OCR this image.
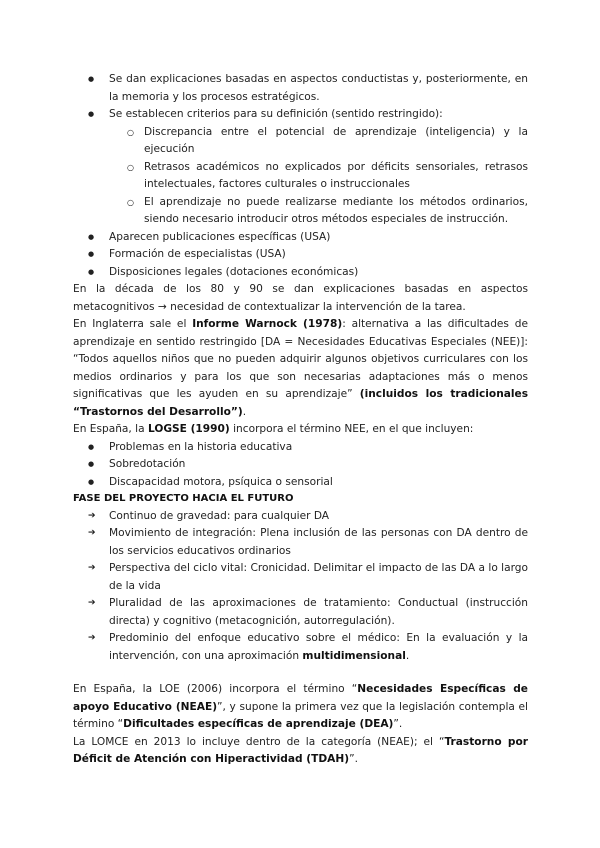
● Se dan explicaciones basadas en aspectos conductistas y, posteriormente, en la memoria y los procesos estratégicos.
● Se establecen criterios para su definición (sentido restringido):
○ Discrepancia entre el potencial de aprendizaje (inteligencia) y la ejecución
○ Retrasos académicos no explicados por déficits sensoriales, retrasos intelectuales, factores culturales o instruccionales
○ El aprendizaje no puede realizarse mediante los métodos ordinarios, siendo necesario introducir otros métodos especiales de instrucción.
● Aparecen publicaciones específicas (USA)
● Formación de especialistas (USA)
● Disposiciones legales (dotaciones económicas)

En la década de los 80 y 90 se dan explicaciones basadas en aspectos metacognitivos → necesidad de contextualizar la intervención de la tarea.

En Inglaterra sale el Informe Warnock (1978): alternativa a las dificultades de aprendizaje en sentido restringido [DA = Necesidades Educativas Especiales (NEE)]: “Todos aquellos niños que no pueden adquirir algunos objetivos curriculares con los medios ordinarios y para los que son necesarias adaptaciones más o menos significativas que les ayuden en su aprendizaje” (incluidos los tradicionales “Trastornos del Desarrollo”).

En España, la LOGSE (1990) incorpora el término NEE, en el que incluyen:

● Problemas en la historia educativa
● Sobredotación
● Discapacidad motora, psíquica o sensorial

FASE DEL PROYECTO HACIA EL FUTURO

➔ Continuo de gravedad: para cualquier DA
➔ Movimiento de integración: Plena inclusión de las personas con DA dentro de los servicios educativos ordinarios
➔ Perspectiva del ciclo vital: Cronicidad. Delimitar el impacto de las DA a lo largo de la vida
➔ Pluralidad de las aproximaciones de tratamiento: Conductual (instrucción directa) y cognitivo (metacognición, autorregulación).
➔ Predominio del enfoque educativo sobre el médico: En la evaluación y la intervención, con una aproximación multidimensional.

En España, la LOE (2006) incorpora el término “Necesidades Específicas de apoyo Educativo (NEAE)”, y supone la primera vez que la legislación contempla el término “Dificultades específicas de aprendizaje (DEA)”.

La LOMCE en 2013 lo incluye dentro de la categoría (NEAE); el “Trastorno por Déficit de Atención con Hiperactividad (TDAH)”.
